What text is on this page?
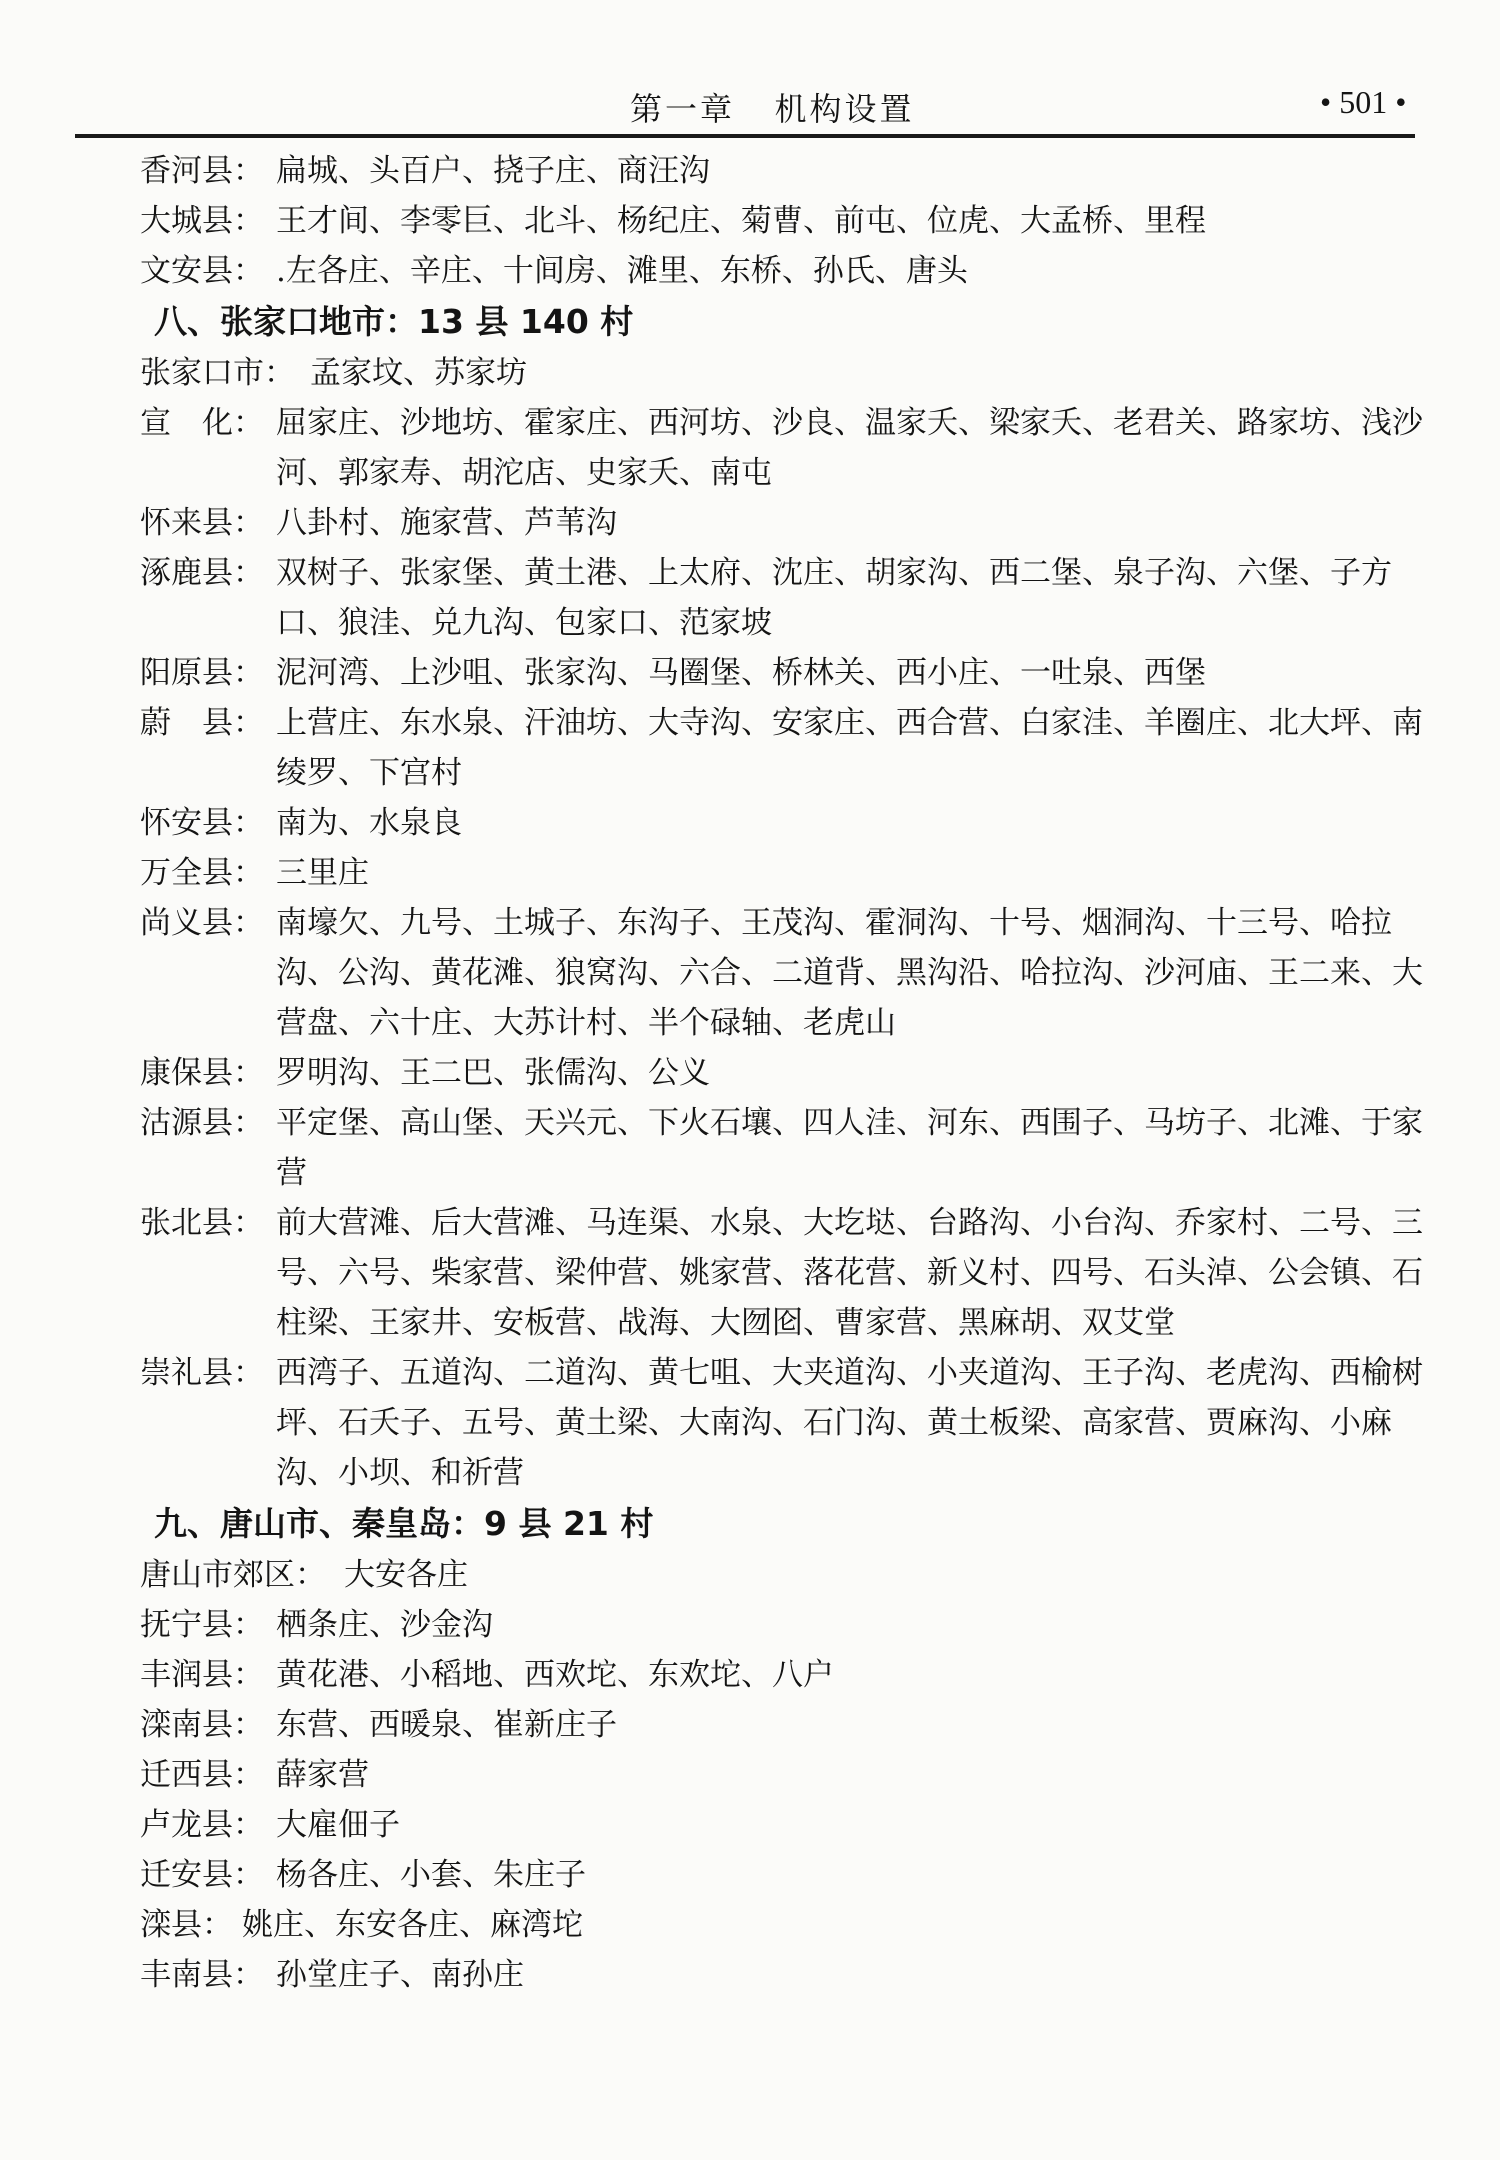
第一章   机构设置	• 501 •
香河县： 扁城、头百户、挠子庄、商汪沟
大城县： 王才间、李零巨、北斗、杨纪庄、菊曹、前屯、位虎、大孟桥、里程
文安县： .左各庄、辛庄、十间房、滩里、东桥、孙氏、唐头
八、张家口地市：13 县 140 村
张家口市： 孟家坟、苏家坊
宣　化： 屈家庄、沙地坊、霍家庄、西河坊、沙良、温家夭、梁家夭、老君关、路家坊、浅沙河、郭家寿、胡沱店、史家夭、南屯
怀来县： 八卦村、施家营、芦苇沟
涿鹿县： 双树子、张家堡、黄土港、上太府、沈庄、胡家沟、西二堡、泉子沟、六堡、子方口、狼洼、兑九沟、包家口、范家坡
阳原县： 泥河湾、上沙咀、张家沟、马圈堡、桥林关、西小庄、一吐泉、西堡
蔚　县： 上营庄、东水泉、汗油坊、大寺沟、安家庄、西合营、白家洼、羊圈庄、北大坪、南绫罗、下宫村
怀安县： 南为、水泉良
万全县： 三里庄
尚义县： 南壕欠、九号、土城子、东沟子、王茂沟、霍洞沟、十号、烟洞沟、十三号、哈拉沟、公沟、黄花滩、狼窝沟、六合、二道背、黑沟沿、哈拉沟、沙河庙、王二来、大营盘、六十庄、大苏计村、半个碌轴、老虎山
康保县： 罗明沟、王二巴、张儒沟、公义
沽源县： 平定堡、高山堡、天兴元、下火石壤、四人洼、河东、西围子、马坊子、北滩、于家营
张北县： 前大营滩、后大营滩、马连渠、水泉、大圪垯、台路沟、小台沟、乔家村、二号、三号、六号、柴家营、梁仲营、姚家营、落花营、新义村、四号、石头淖、公会镇、石柱梁、王家井、安板营、战海、大囫囵、曹家营、黑麻胡、双艾堂
崇礼县： 西湾子、五道沟、二道沟、黄七咀、大夹道沟、小夹道沟、王子沟、老虎沟、西榆树坪、石夭子、五号、黄土梁、大南沟、石门沟、黄土板梁、高家营、贾麻沟、小麻沟、小坝、和祈营
九、唐山市、秦皇岛：9 县 21 村
唐山市郊区： 大安各庄
抚宁县： 栖条庄、沙金沟
丰润县： 黄花港、小稻地、西欢坨、东欢坨、八户
滦南县： 东营、西暖泉、崔新庄子
迁西县： 薛家营
卢龙县： 大雇佃子
迁安县： 杨各庄、小套、朱庄子
滦县： 姚庄、东安各庄、麻湾坨
丰南县： 孙堂庄子、南孙庄
